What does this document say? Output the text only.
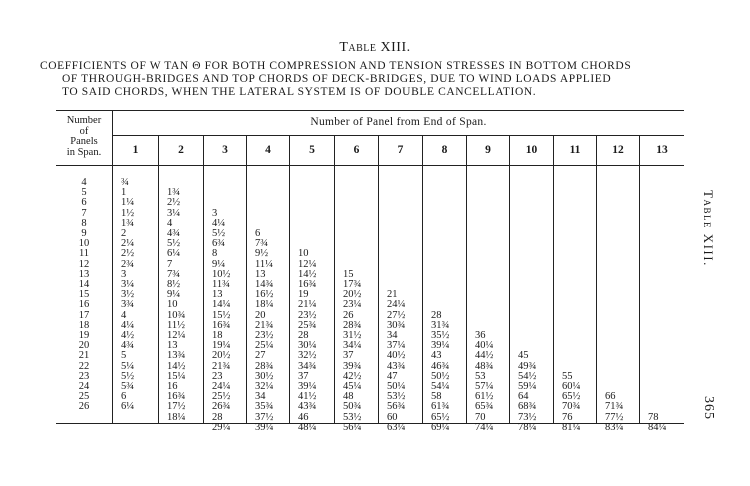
Table XIII.
COEFFICIENTS OF W TAN Θ FOR BOTH COMPRESSION AND TENSION STRESSES IN BOTTOM CHORDS
OF THROUGH-BRIDGES AND TOP CHORDS OF DECK-BRIDGES, DUE TO WIND LOADS APPLIED
TO SAID CHORDS, WHEN THE LATERAL SYSTEM IS OF DOUBLE CANCELLATION.
Number
of
Panels
in Span.
Number of Panel from End of Span.
4
5
6
7
8
9
10
11
12
13
14
15
16
17
18
19
20
21
22
23
24
25
26
1
¾
1
1¼
1½
1¾
2
2¼
2½
2¾
3
3¼
3½
3¾
4
4¼
4½
4¾
5
5¼
5½
5¾
6
6¼
2
1¾
2½
3¼
4
4¾
5½
6¼
7
7¾
8½
9¼
10
10¾
11½
12¼
13
13¾
14½
15¼
16
16¾
17½
18¼
3
3
4¼
5½
6¾
8
9¼
10½
11¾
13
14¼
15½
16¾
18
19¼
20½
21¾
23
24¼
25½
26¾
28
29¼
4
6
7¾
9½
11¼
13
14¾
16½
18¼
20
21¾
23½
25¼
27
28¾
30½
32¼
34
35¾
37½
39¼
5
10
12¼
14½
16¾
19
21¼
23½
25¾
28
30¼
32½
34¾
37
39¼
41½
43¾
46
48¼
6
15
17¾
20½
23¼
26
28¾
31½
34¼
37
39¾
42½
45¼
48
50¾
53½
56¼
7
21
24¼
27½
30¾
34
37¼
40½
43¾
47
50¼
53½
56¾
60
63¼
8
28
31¾
35½
39¼
43
46¾
50½
54¼
58
61¾
65½
69¼
9
36
40¼
44½
48¾
53
57¼
61½
65¾
70
74¼
10
45
49¾
54½
59¼
64
68¾
73½
78¼
11
55
60¼
65½
70¾
76
81¼
12
66
71¾
77½
83¼
13
78
84¼
Table XIII.
365
